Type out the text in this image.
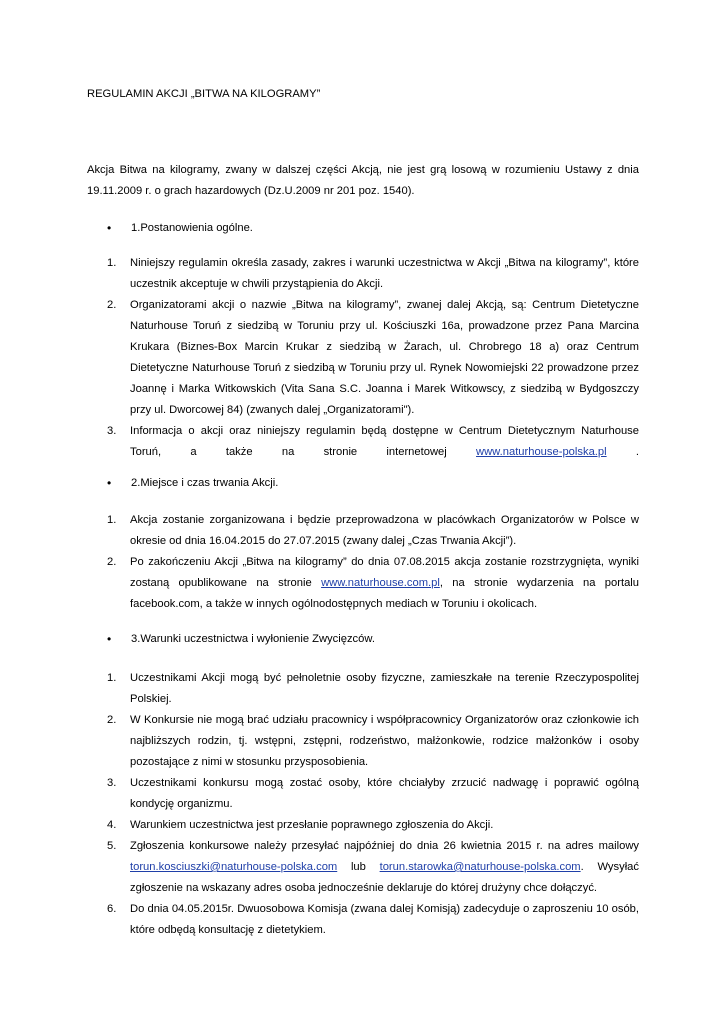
REGULAMIN AKCJI „BITWA NA KILOGRAMY”
Akcja Bitwa na kilogramy, zwany w dalszej części Akcją, nie jest grą losową w rozumieniu Ustawy z dnia 19.11.2009 r. o grach hazardowych (Dz.U.2009 nr 201 poz. 1540).
• 1.Postanowienia ogólne.
1. Niniejszy regulamin określa zasady, zakres i warunki uczestnictwa w Akcji „Bitwa na kilogramy”, które uczestnik akceptuje w chwili przystąpienia do Akcji.
2. Organizatorami akcji o nazwie „Bitwa na kilogramy”, zwanej dalej Akcją, są: Centrum Dietetyczne Naturhouse Toruń z siedzibą w Toruniu przy ul. Kościuszki 16a, prowadzone przez Pana Marcina Krukara (Biznes-Box Marcin Krukar z siedzibą w Żarach, ul. Chrobrego 18 a) oraz Centrum Dietetyczne Naturhouse Toruń z siedzibą w Toruniu przy ul. Rynek Nowomiejski 22 prowadzone przez Joannę i Marka Witkowskich (Vita Sana S.C. Joanna i Marek Witkowscy, z siedzibą w Bydgoszczy przy ul. Dworcowej 84) (zwanych dalej „Organizatorami").
3. Informacja o akcji oraz niniejszy regulamin będą dostępne w Centrum Dietetycznym Naturhouse Toruń, a także na stronie internetowej www.naturhouse-polska.pl .
• 2.Miejsce i czas trwania Akcji.
1. Akcja zostanie zorganizowana i będzie przeprowadzona w placówkach Organizatorów w Polsce w okresie od dnia 16.04.2015 do 27.07.2015 (zwany dalej „Czas Trwania Akcji”).
2. Po zakończeniu Akcji „Bitwa na kilogramy” do dnia 07.08.2015 akcja zostanie rozstrzygnięta, wyniki zostaną opublikowane na stronie www.naturhouse.com.pl, na stronie wydarzenia na portalu facebook.com, a także w innych ogólnodostępnych mediach w Toruniu i okolicach.
• 3.Warunki uczestnictwa i wyłonienie Zwycięzców.
1. Uczestnikami Akcji mogą być pełnoletnie osoby fizyczne, zamieszkałe na terenie Rzeczypospolitej Polskiej.
2. W Konkursie nie mogą brać udziału pracownicy i współpracownicy Organizatorów oraz członkowie ich najbliższych rodzin, tj. wstępni, zstępni, rodzeństwo, małżonkowie, rodzice małżonków i osoby pozostające z nimi w stosunku przysposobienia.
3. Uczestnikami konkursu mogą zostać osoby, które chciałyby zrzucić nadwagę i poprawić ogólną kondycję organizmu.
4. Warunkiem uczestnictwa jest przesłanie poprawnego zgłoszenia do Akcji.
5. Zgłoszenia konkursowe należy przesyłać najpóźniej do dnia 26 kwietnia 2015 r. na adres mailowy torun.kosciuszki@naturhouse-polska.com lub torun.starowka@naturhouse-polska.com. Wysyłać zgłoszenie na wskazany adres osoba jednocześnie deklaruje do której drużyny chce dołączyć.
6. Do dnia 04.05.2015r. Dwuosobowa Komisja (zwana dalej Komisją) zadecyduje o zaproszeniu 10 osób, które odbędą konsultację z dietetykiem.
